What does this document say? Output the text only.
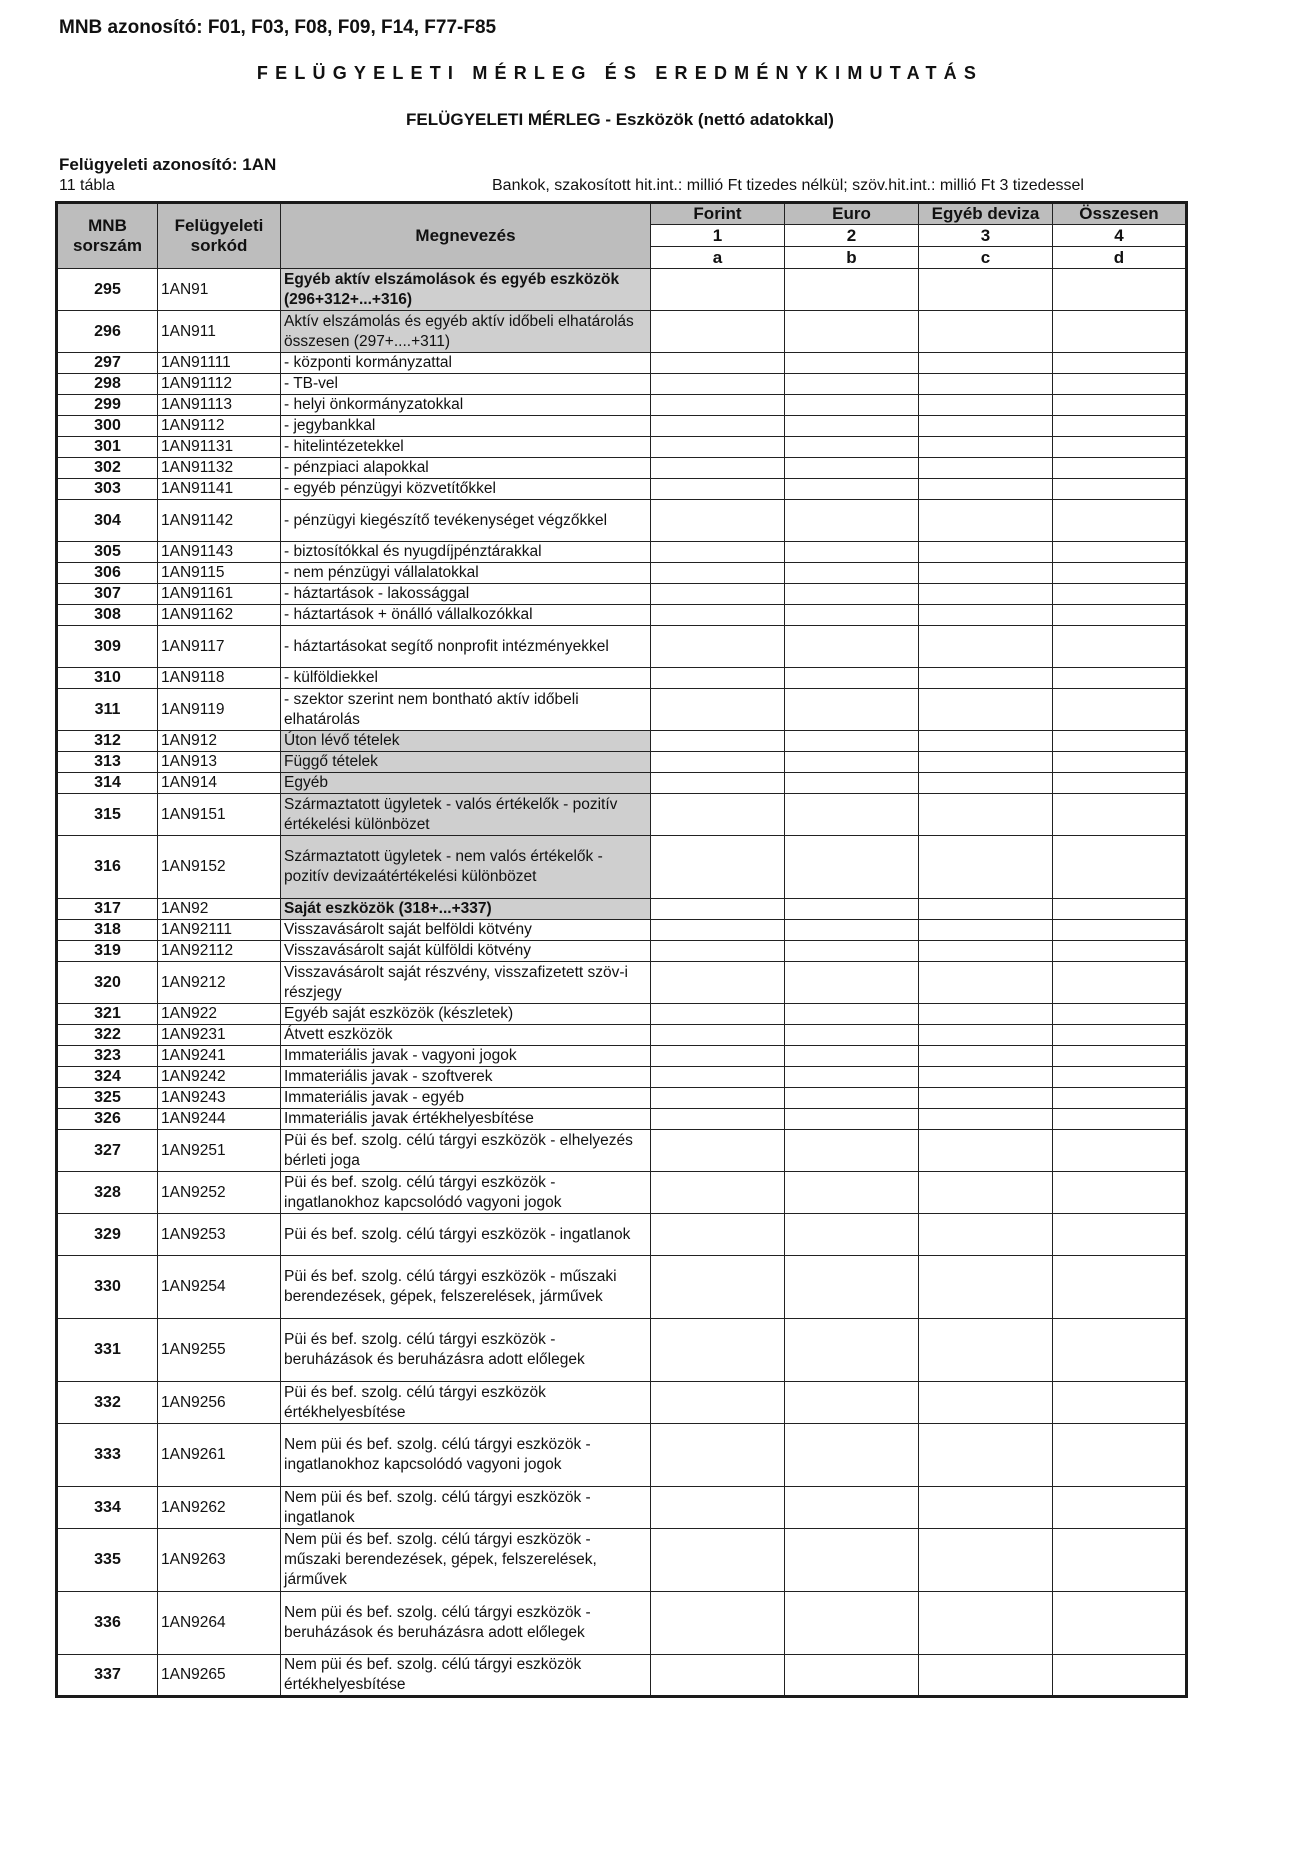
MNB azonosító: F01, F03, F08, F09, F14, F77-F85
FELÜGYELETI MÉRLEG ÉS EREDMÉNYKIMUTATÁS
FELÜGYELETI MÉRLEG - Eszközök (nettó adatokkal)
Felügyeleti azonosító: 1AN
11 tábla	Bankok, szakosított hit.int.: millió Ft tizedes nélkül; szöv.hit.int.: millió Ft 3 tizedessel
MNB sorszám	Felügyeleti sorkód	Megnevezés	Forint	Euro	Egyéb deviza	Összesen
			1	2	3	4
			a	b	c	d
295	1AN91	Egyéb aktív elszámolások és egyéb eszközök (296+312+...+316)				
296	1AN911	Aktív elszámolás és egyéb aktív időbeli elhatárolás összesen (297+....+311)				
297	1AN91111	- központi kormányzattal				
298	1AN91112	- TB-vel				
299	1AN91113	- helyi önkormányzatokkal				
300	1AN9112	- jegybankkal				
301	1AN91131	- hitelintézetekkel				
302	1AN91132	- pénzpiaci alapokkal				
303	1AN91141	- egyéb pénzügyi közvetítőkkel				
304	1AN91142	- pénzügyi kiegészítő tevékenységet végzőkkel				
305	1AN91143	- biztosítókkal és nyugdíjpénztárakkal				
306	1AN9115	- nem pénzügyi vállalatokkal				
307	1AN91161	- háztartások - lakossággal				
308	1AN91162	- háztartások + önálló vállalkozókkal				
309	1AN9117	- háztartásokat segítő nonprofit intézményekkel				
310	1AN9118	- külföldiekkel				
311	1AN9119	- szektor szerint nem bontható aktív időbeli elhatárolás				
312	1AN912	Úton lévő tételek				
313	1AN913	Függő tételek				
314	1AN914	Egyéb				
315	1AN9151	Származtatott ügyletek - valós értékelők - pozitív értékelési különbözet				
316	1AN9152	Származtatott ügyletek - nem valós értékelők - pozitív devizaátértékelési különbözet				
317	1AN92	Saját eszközök (318+...+337)				
318	1AN92111	Visszavásárolt saját belföldi kötvény				
319	1AN92112	Visszavásárolt saját külföldi kötvény				
320	1AN9212	Visszavásárolt saját részvény, visszafizetett szöv-i részjegy				
321	1AN922	Egyéb saját eszközök (készletek)				
322	1AN9231	Átvett eszközök				
323	1AN9241	Immateriális javak - vagyoni jogok				
324	1AN9242	Immateriális javak - szoftverek				
325	1AN9243	Immateriális javak - egyéb				
326	1AN9244	Immateriális javak értékhelyesbítése				
327	1AN9251	Püi és bef. szolg. célú tárgyi eszközök - elhelyezés bérleti joga				
328	1AN9252	Püi és bef. szolg. célú tárgyi eszközök - ingatlanokhoz kapcsolódó vagyoni jogok				
329	1AN9253	Püi és bef. szolg. célú tárgyi eszközök - ingatlanok				
330	1AN9254	Püi és bef. szolg. célú tárgyi eszközök - műszaki berendezések, gépek, felszerelések, járművek				
331	1AN9255	Püi és bef. szolg. célú tárgyi eszközök - beruházások és beruházásra adott előlegek				
332	1AN9256	Püi és bef. szolg. célú tárgyi eszközök értékhelyesbítése				
333	1AN9261	Nem püi és bef. szolg. célú tárgyi eszközök - ingatlanokhoz kapcsolódó vagyoni jogok				
334	1AN9262	Nem püi és bef. szolg. célú tárgyi eszközök - ingatlanok				
335	1AN9263	Nem püi és bef. szolg. célú tárgyi eszközök - műszaki berendezések, gépek, felszerelések, járművek				
336	1AN9264	Nem püi és bef. szolg. célú tárgyi eszközök - beruházások és beruházásra adott előlegek				
337	1AN9265	Nem püi és bef. szolg. célú tárgyi eszközök értékhelyesbítése				
